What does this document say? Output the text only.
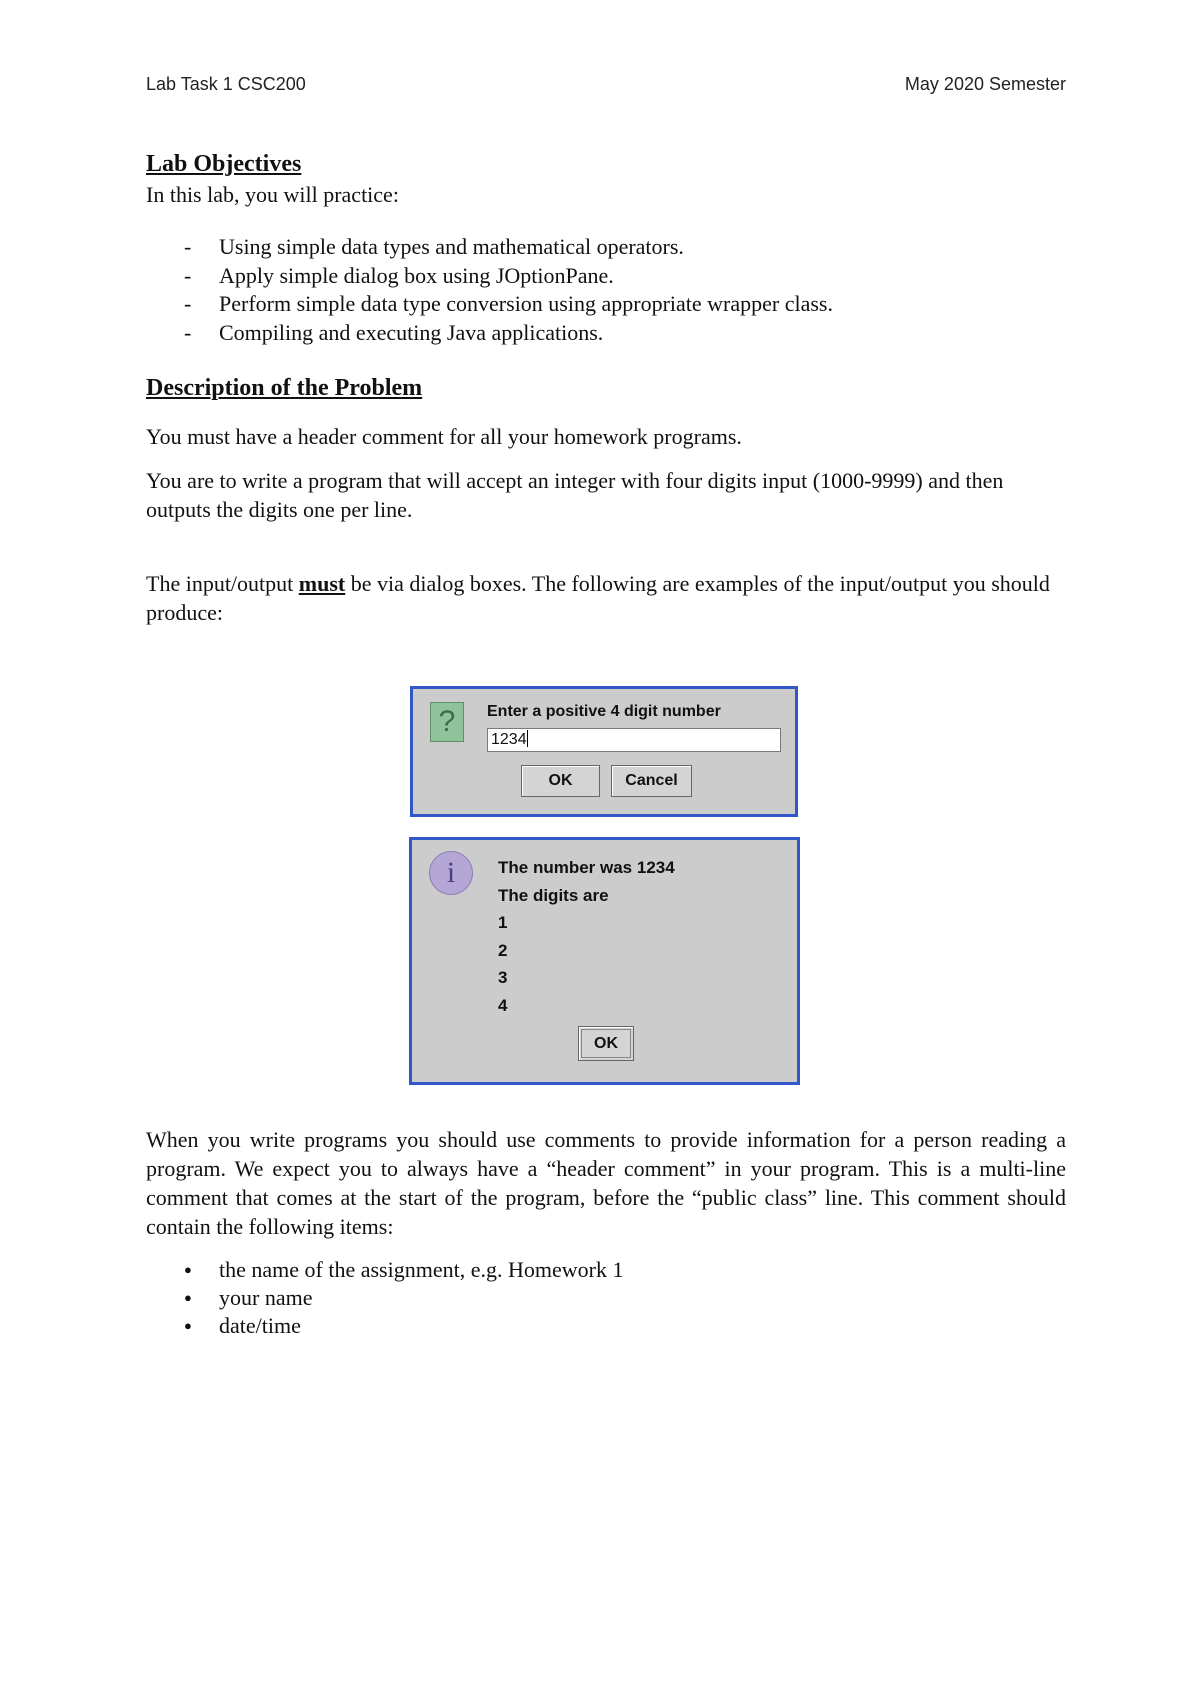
Lab Task 1 CSC200	May 2020 Semester
Lab Objectives

In this lab, you will practice:

- Using simple data types and mathematical operators.
- Apply simple dialog box using JOptionPane.
- Perform simple data type conversion using appropriate wrapper class.
- Compiling and executing Java applications.
Description of the Problem

You must have a header comment for all your homework programs.

You are to write a program that will accept an integer with four digits input (1000-9999) and then outputs the digits one per line.

The input/output must be via dialog boxes. The following are examples of the input/output you should produce:

When you write programs you should use comments to provide information for a person reading a program. We expect you to always have a “header comment” in your program. This is a multi-line comment that comes at the start of the program, before the “public class” line. This comment should contain the following items:

● the name of the assignment, e.g. Homework 1
● your name
● date/time
?	Enter a positive 4 digit number
1234
OK	Cancel
i	The number was 1234
The digits are
1
2
3
4
OK
